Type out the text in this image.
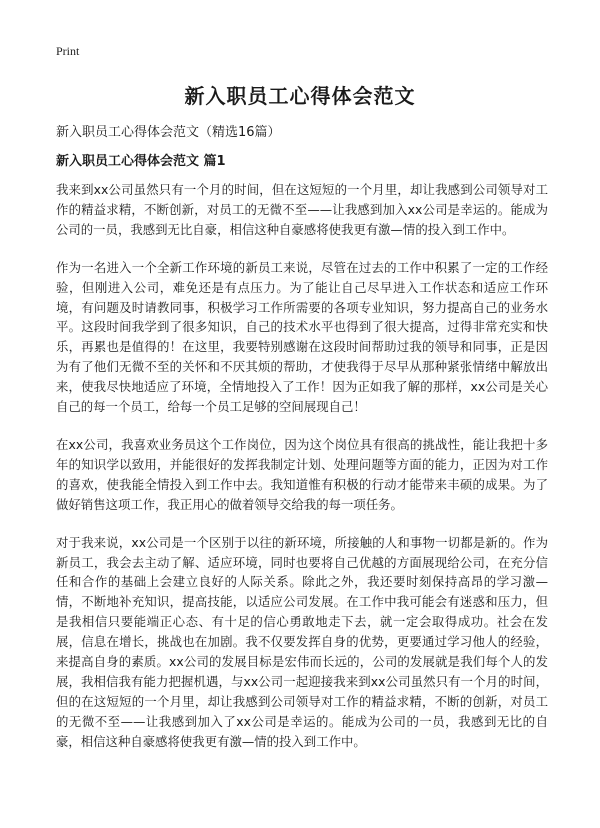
Print
新入职员工心得体会范文

新入职员工心得体会范文（精选16篇）

新入职员工心得体会范文 篇1

我来到xx公司虽然只有一个月的时间，但在这短短的一个月里，却让我感到公司领导对工作的精益求精，不断创新，对员工的无微不至——让我感到加入xx公司是幸运的。能成为公司的一员，我感到无比自豪，相信这种自豪感将使我更有激—情的投入到工作中。

作为一名进入一个全新工作环境的新员工来说，尽管在过去的工作中积累了一定的工作经验，但刚进入公司，难免还是有点压力。为了能让自己尽早进入工作状态和适应工作环境，有问题及时请教同事，积极学习工作所需要的各项专业知识，努力提高自己的业务水平。这段时间我学到了很多知识，自己的技术水平也得到了很大提高，过得非常充实和快乐，再累也是值得的！在这里，我要特别感谢在这段时间帮助过我的领导和同事，正是因为有了他们无微不至的关怀和不厌其烦的帮助，才使我得于尽早从那种紧张情绪中解放出来，使我尽快地适应了环境，全情地投入了工作！因为正如我了解的那样，xx公司是关心自己的每一个员工，给每一个员工足够的空间展现自己！

在xx公司，我喜欢业务员这个工作岗位，因为这个岗位具有很高的挑战性，能让我把十多年的知识学以致用，并能很好的发挥我制定计划、处理问题等方面的能力，正因为对工作的喜欢，使我能全情投入到工作中去。我知道惟有积极的行动才能带来丰硕的成果。为了做好销售这项工作，我正用心的做着领导交给我的每一项任务。

对于我来说，xx公司是一个区别于以往的新环境，所接触的人和事物一切都是新的。作为新员工，我会去主动了解、适应环境，同时也要将自己优越的方面展现给公司，在充分信任和合作的基础上会建立良好的人际关系。除此之外，我还要时刻保持高昂的学习激—情，不断地补充知识，提高技能，以适应公司发展。在工作中我可能会有迷惑和压力，但是我相信只要能端正心态、有十足的信心勇敢地走下去，就一定会取得成功。社会在发展，信息在增长，挑战也在加剧。我不仅要发挥自身的优势，更要通过学习他人的经验，来提高自身的素质。xx公司的发展目标是宏伟而长远的，公司的发展就是我们每个人的发展，我相信我有能力把握机遇，与xx公司一起迎接我来到xx公司虽然只有一个月的时间，但的在这短短的一个月里，却让我感到公司领导对工作的精益求精，不断的创新，对员工的无微不至——让我感到加入了xx公司是幸运的。能成为公司的一员，我感到无比的自豪，相信这种自豪感将使我更有激—情的投入到工作中。
